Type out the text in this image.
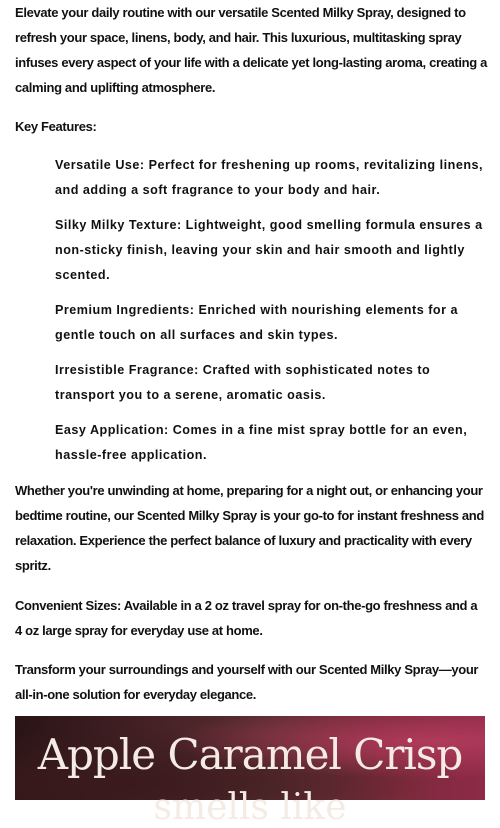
Elevate your daily routine with our versatile Scented Milky Spray, designed to refresh your space, linens, body, and hair. This luxurious, multitasking spray infuses every aspect of your life with a delicate yet long-lasting aroma, creating a calming and uplifting atmosphere.

Key Features:

Versatile Use: Perfect for freshening up rooms, revitalizing linens, and adding a soft fragrance to your body and hair.

Silky Milky Texture: Lightweight, good smelling formula ensures a non-sticky finish, leaving your skin and hair smooth and lightly scented.

Premium Ingredients: Enriched with nourishing elements for a gentle touch on all surfaces and skin types.

Irresistible Fragrance: Crafted with sophisticated notes to transport you to a serene, aromatic oasis.

Easy Application: Comes in a fine mist spray bottle for an even, hassle-free application.

Whether you're unwinding at home, preparing for a night out, or enhancing your bedtime routine, our Scented Milky Spray is your go-to for instant freshness and relaxation. Experience the perfect balance of luxury and practicality with every spritz.

Convenient Sizes: Available in a 2 oz travel spray for on-the-go freshness and a 4 oz large spray for everyday use at home.

Transform your surroundings and yourself with our Scented Milky Spray—your all-in-one solution for everyday elegance.

Apple Caramel Crisp
smells like
